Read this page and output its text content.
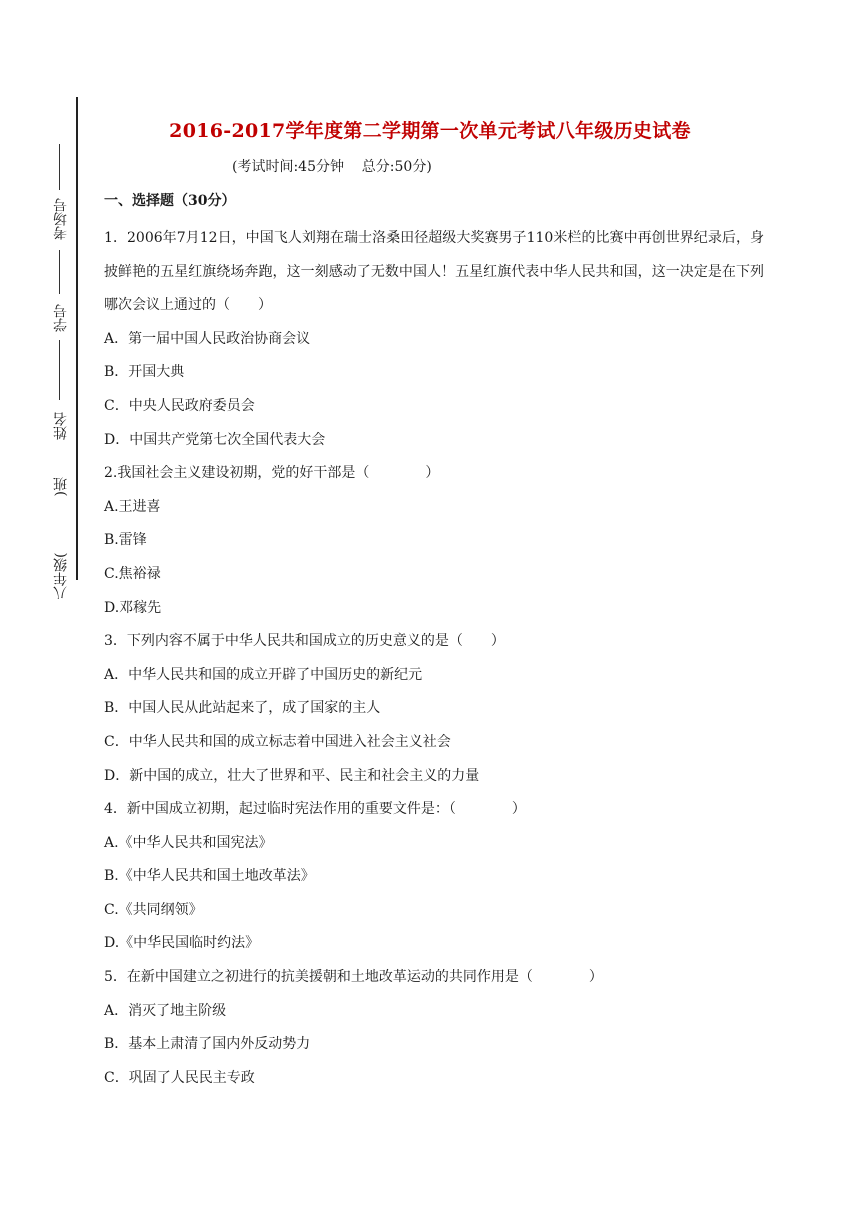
考场号
学号
姓名
八年级(　　　　)班
2016-2017学年度第二学期第一次单元考试八年级历史试卷
(考试时间:45分钟    总分:50分)
一、选择题（30分）

1．2006年7月12日，中国飞人刘翔在瑞士洛桑田径超级大奖赛男子110米栏的比赛中再创世界纪录后，身披鲜艳的五星红旗绕场奔跑，这一刻感动了无数中国人！五星红旗代表中华人民共和国，这一决定是在下列哪次会议上通过的（　　）

A．第一届中国人民政治协商会议

B．开国大典

C．中央人民政府委员会

D．中国共产党第七次全国代表大会

2.我国社会主义建设初期，党的好干部是（　　　　）

A.王进喜

B.雷锋

C.焦裕禄

D.邓稼先

3．下列内容不属于中华人民共和国成立的历史意义的是（　　）

A．中华人民共和国的成立开辟了中国历史的新纪元

B．中国人民从此站起来了，成了国家的主人

C．中华人民共和国的成立标志着中国进入社会主义社会

D．新中国的成立，壮大了世界和平、民主和社会主义的力量

4．新中国成立初期，起过临时宪法作用的重要文件是：（　　　　）

A.《中华人民共和国宪法》

B.《中华人民共和国土地改革法》

C.《共同纲领》

D.《中华民国临时约法》

5．在新中国建立之初进行的抗美援朝和土地改革运动的共同作用是（　　　　）

A．消灭了地主阶级

B．基本上肃清了国内外反动势力

C．巩固了人民民主专政
